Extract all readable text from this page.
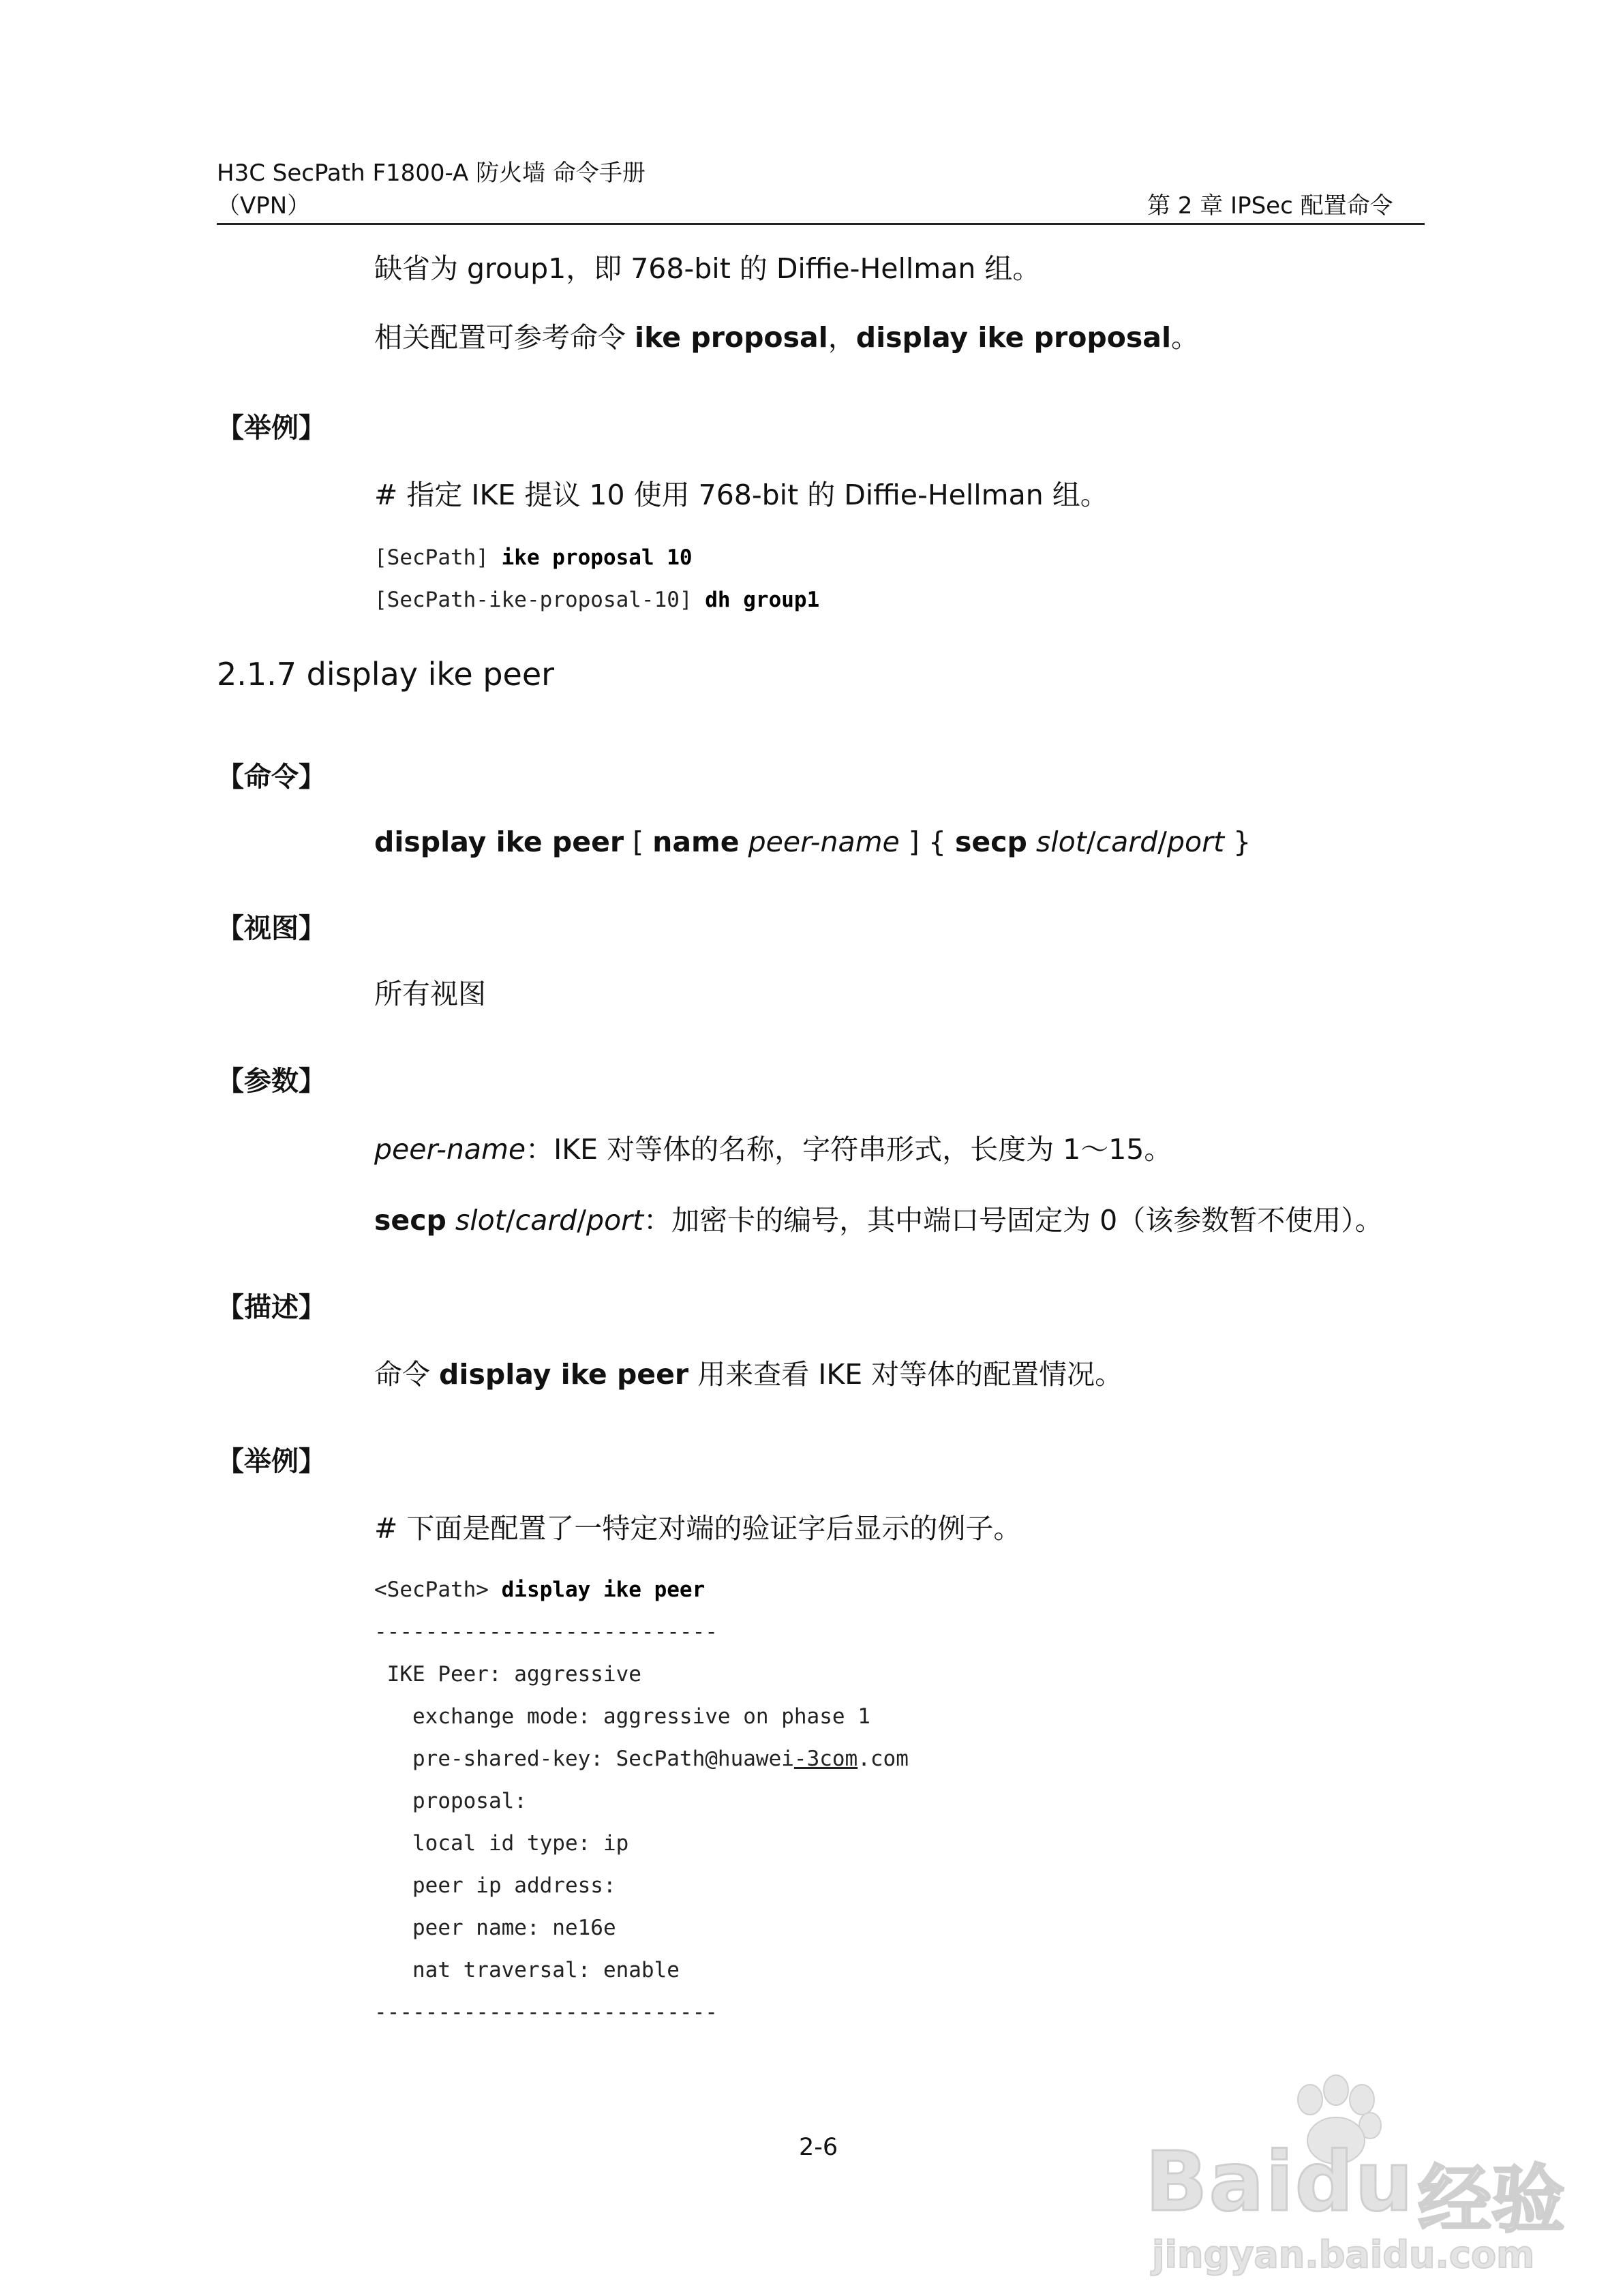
H3C SecPath F1800-A 防火墙 命令手册
（VPN）	第 2 章 IPSec 配置命令
缺省为 group1，即 768-bit 的 Diffie-Hellman 组。
相关配置可参考命令 ike proposal，display ike proposal。
【举例】
# 指定 IKE 提议 10 使用 768-bit 的 Diffie-Hellman 组。
[SecPath] ike proposal 10
[SecPath-ike-proposal-10] dh group1
2.1.7 display ike peer
【命令】
display ike peer [ name peer-name ] { secp slot/card/port }
【视图】
所有视图
【参数】
peer-name：IKE 对等体的名称，字符串形式，长度为 1～15。
secp slot/card/port：加密卡的编号，其中端口号固定为 0（该参数暂不使用）。
【描述】
命令 display ike peer 用来查看 IKE 对等体的配置情况。
【举例】
# 下面是配置了一特定对端的验证字后显示的例子。
<SecPath> display ike peer
---------------------------
IKE Peer: aggressive
exchange mode: aggressive on phase 1
pre-shared-key: SecPath@huawei-3com.com
proposal:
local id type: ip
peer ip address:
peer name: ne16e
nat traversal: enable
---------------------------
2-6	Baidu 经验
jingyan.baidu.com
